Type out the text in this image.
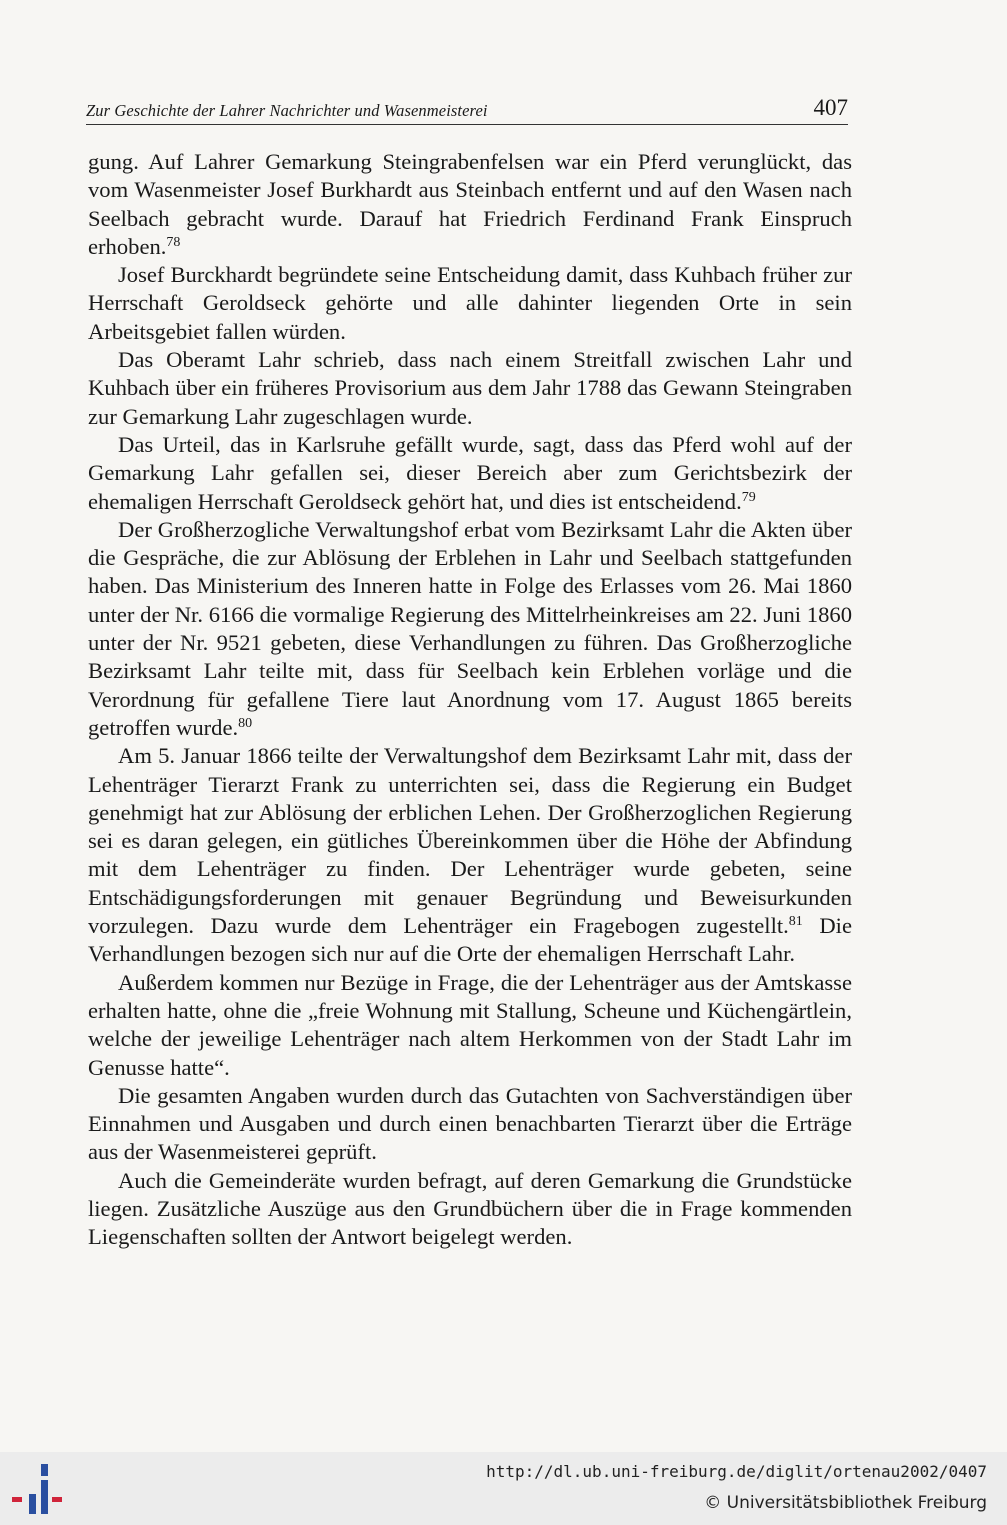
Zur Geschichte der Lahrer Nachrichter und Wasenmeisterei	407

gung. Auf Lahrer Gemarkung Steingrabenfelsen war ein Pferd verunglückt, das vom Wasenmeister Josef Burkhardt aus Steinbach entfernt und auf den Wasen nach Seelbach gebracht wurde. Darauf hat Friedrich Ferdinand Frank Einspruch erhoben.$^{78}$

Josef Burckhardt begründete seine Entscheidung damit, dass Kuhbach früher zur Herrschaft Geroldseck gehörte und alle dahinter liegenden Orte in sein Arbeitsgebiet fallen würden.

Das Oberamt Lahr schrieb, dass nach einem Streitfall zwischen Lahr und Kuhbach über ein früheres Provisorium aus dem Jahr 1788 das Gewann Steingraben zur Gemarkung Lahr zugeschlagen wurde.

Das Urteil, das in Karlsruhe gefällt wurde, sagt, dass das Pferd wohl auf der Gemarkung Lahr gefallen sei, dieser Bereich aber zum Gerichtsbezirk der ehemaligen Herrschaft Geroldseck gehört hat, und dies ist entscheidend.$^{79}$

Der Großherzogliche Verwaltungshof erbat vom Bezirksamt Lahr die Akten über die Gespräche, die zur Ablösung der Erblehen in Lahr und Seelbach stattgefunden haben. Das Ministerium des Inneren hatte in Folge des Erlasses vom 26. Mai 1860 unter der Nr. 6166 die vormalige Regierung des Mittelrheinkreises am 22. Juni 1860 unter der Nr. 9521 gebeten, diese Verhandlungen zu führen. Das Großherzogliche Bezirksamt Lahr teilte mit, dass für Seelbach kein Erblehen vorläge und die Verordnung für gefallene Tiere laut Anordnung vom 17. August 1865 bereits getroffen wurde.$^{80}$

Am 5. Januar 1866 teilte der Verwaltungshof dem Bezirksamt Lahr mit, dass der Lehenträger Tierarzt Frank zu unterrichten sei, dass die Regierung ein Budget genehmigt hat zur Ablösung der erblichen Lehen. Der Großherzoglichen Regierung sei es daran gelegen, ein gütliches Übereinkommen über die Höhe der Abfindung mit dem Lehenträger zu finden. Der Lehenträger wurde gebeten, seine Entschädigungsforderungen mit genauer Begründung und Beweisurkunden vorzulegen. Dazu wurde dem Lehenträger ein Fragebogen zugestellt.$^{81}$ Die Verhandlungen bezogen sich nur auf die Orte der ehemaligen Herrschaft Lahr.

Außerdem kommen nur Bezüge in Frage, die der Lehenträger aus der Amtskasse erhalten hatte, ohne die „freie Wohnung mit Stallung, Scheune und Küchengärtlein, welche der jeweilige Lehenträger nach altem Herkommen von der Stadt Lahr im Genusse hatte“.

Die gesamten Angaben wurden durch das Gutachten von Sachverständigen über Einnahmen und Ausgaben und durch einen benachbarten Tierarzt über die Erträge aus der Wasenmeisterei geprüft.

Auch die Gemeinderäte wurden befragt, auf deren Gemarkung die Grundstücke liegen. Zusätzliche Auszüge aus den Grundbüchern über die in Frage kommenden Liegenschaften sollten der Antwort beigelegt werden.

http://dl.ub.uni-freiburg.de/diglit/ortenau2002/0407
© Universitätsbibliothek Freiburg
